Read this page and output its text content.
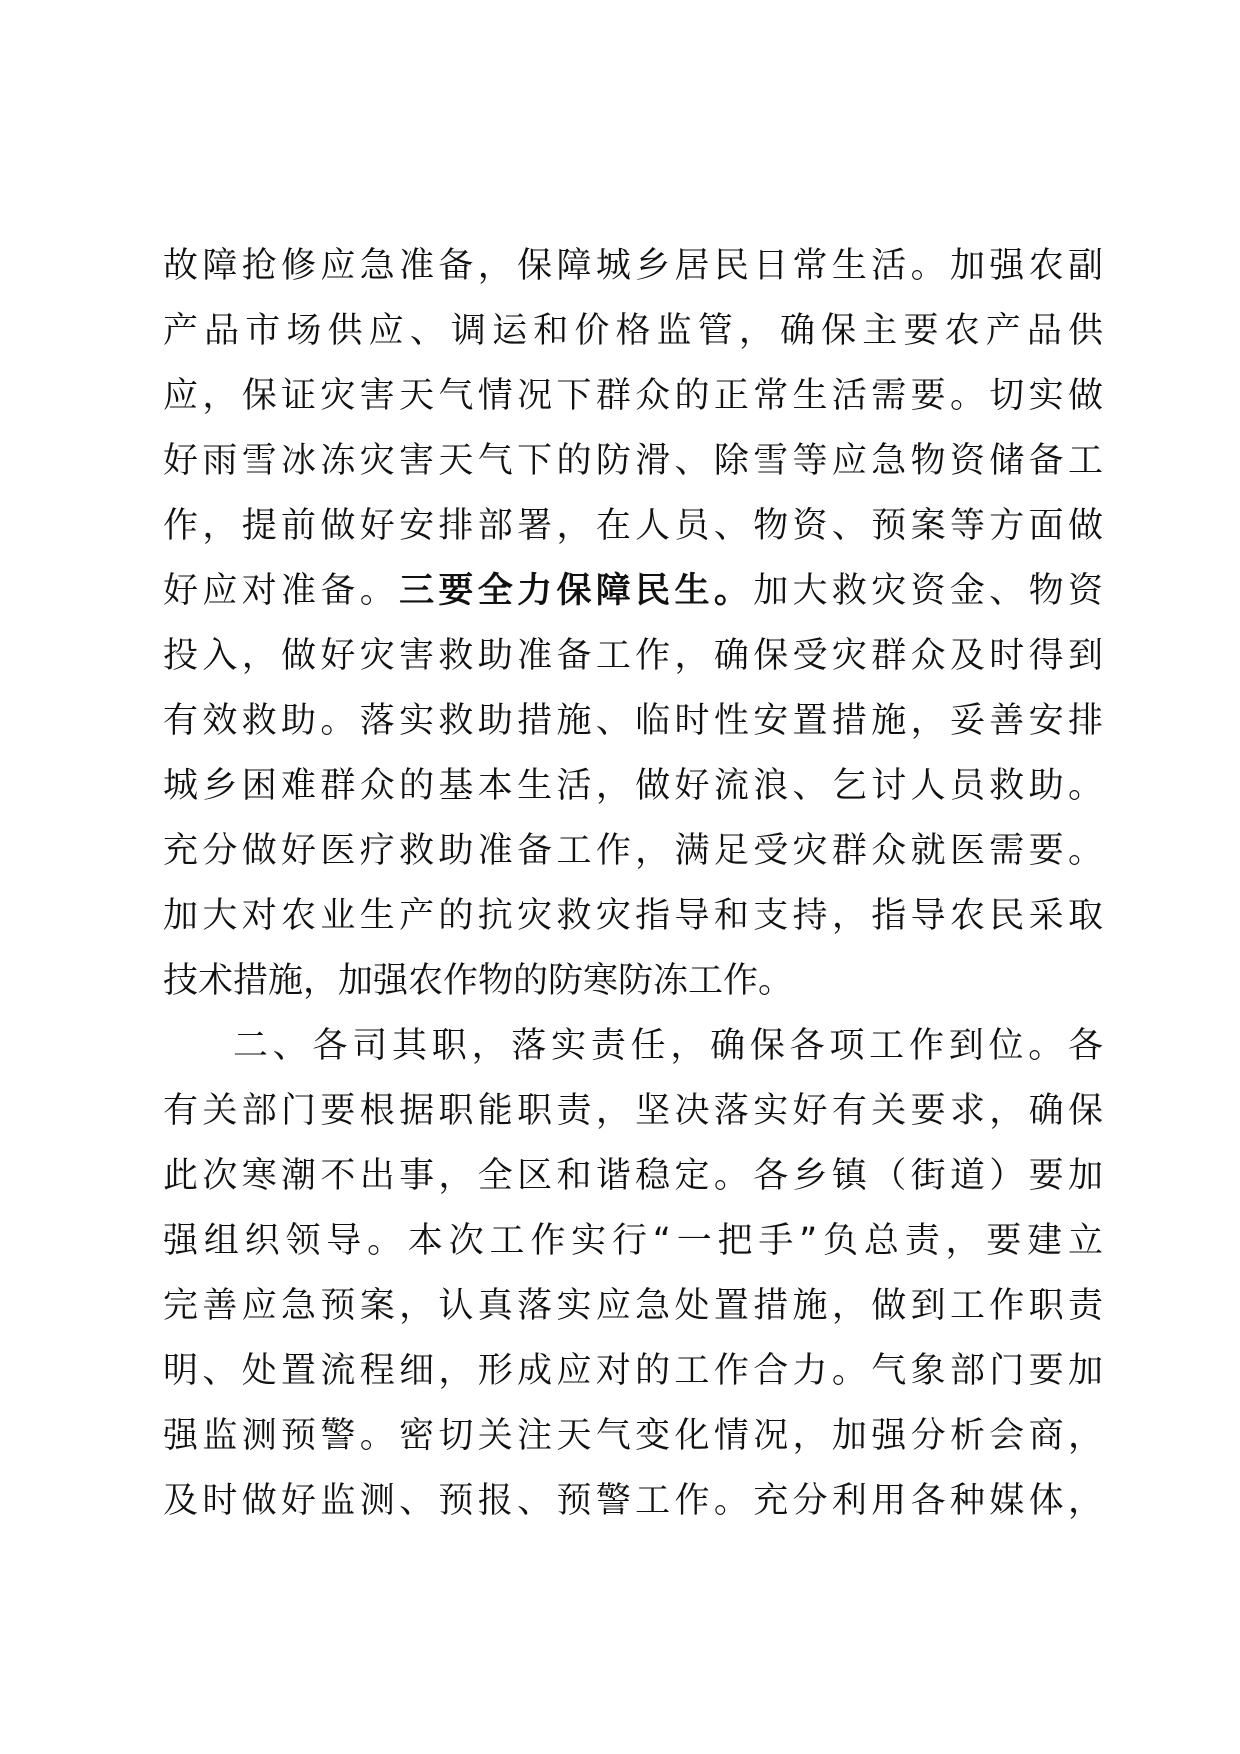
故障抢修应急准备，保障城乡居民日常生活。加强农副
产品市场供应、调运和价格监管，确保主要农产品供
应，保证灾害天气情况下群众的正常生活需要。切实做
好雨雪冰冻灾害天气下的防滑、除雪等应急物资储备工
作，提前做好安排部署，在人员、物资、预案等方面做
好应对准备。三要全力保障民生。加大救灾资金、物资
投入，做好灾害救助准备工作，确保受灾群众及时得到
有效救助。落实救助措施、临时性安置措施，妥善安排
城乡困难群众的基本生活，做好流浪、乞讨人员救助。
充分做好医疗救助准备工作，满足受灾群众就医需要。
加大对农业生产的抗灾救灾指导和支持，指导农民采取
技术措施，加强农作物的防寒防冻工作。
二、各司其职，落实责任，确保各项工作到位。各
有关部门要根据职能职责，坚决落实好有关要求，确保
此次寒潮不出事，全区和谐稳定。各乡镇（街道）要加
强组织领导。本次工作实行“一把手”负总责，要建立
完善应急预案，认真落实应急处置措施，做到工作职责
明、处置流程细，形成应对的工作合力。气象部门要加
强监测预警。密切关注天气变化情况，加强分析会商，
及时做好监测、预报、预警工作。充分利用各种媒体，
